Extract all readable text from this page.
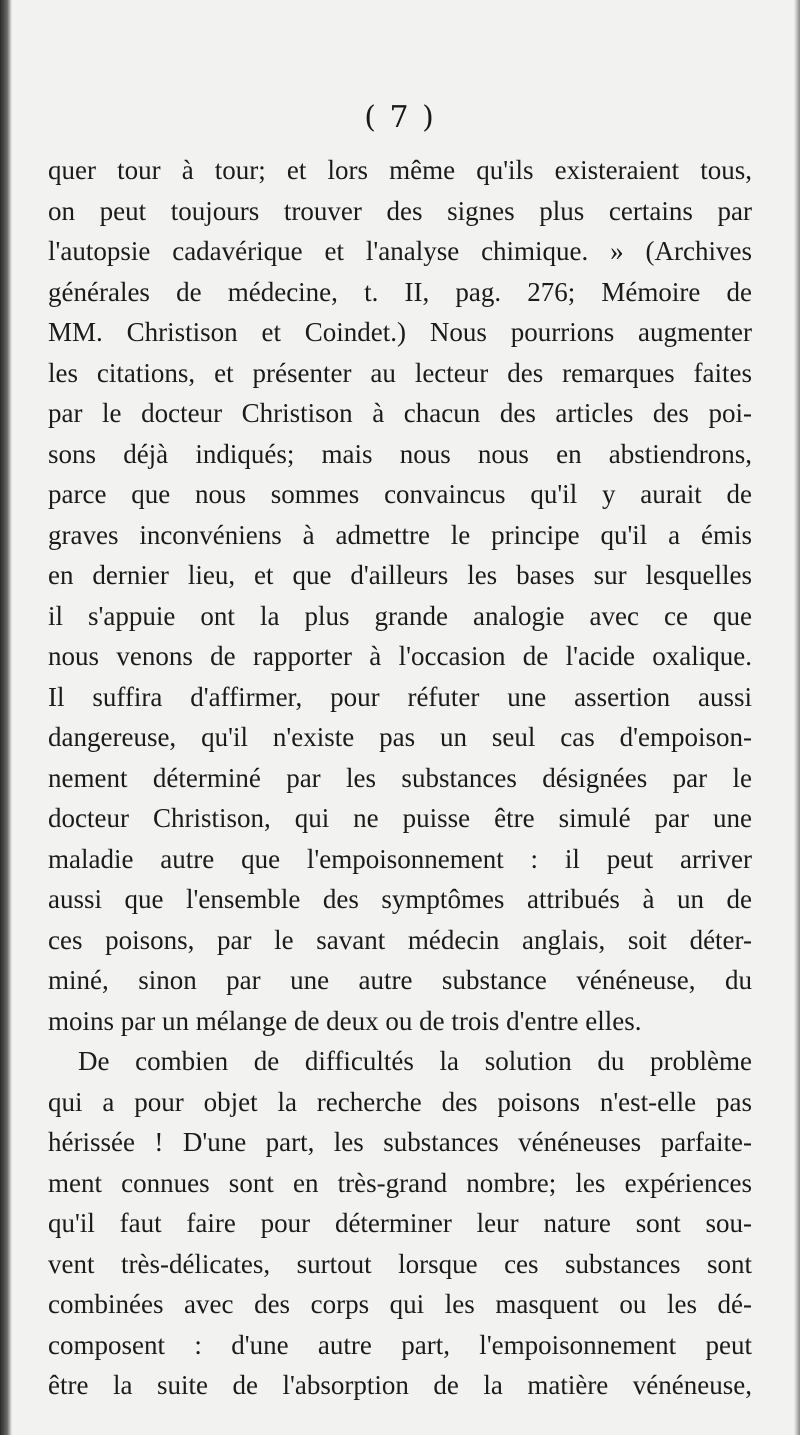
( 7 )
quer tour à tour; et lors même qu'ils existeraient tous,
on peut toujours trouver des signes plus certains par
l'autopsie cadavérique et l'analyse chimique. » (Archives
générales de médecine, t. II, pag. 276; Mémoire de
MM. Christison et Coindet.) Nous pourrions augmenter
les citations, et présenter au lecteur des remarques faites
par le docteur Christison à chacun des articles des poi-
sons déjà indiqués; mais nous nous en abstiendrons,
parce que nous sommes convaincus qu'il y aurait de
graves inconvéniens à admettre le principe qu'il a émis
en dernier lieu, et que d'ailleurs les bases sur lesquelles
il s'appuie ont la plus grande analogie avec ce que
nous venons de rapporter à l'occasion de l'acide oxalique.
Il suffira d'affirmer, pour réfuter une assertion aussi
dangereuse, qu'il n'existe pas un seul cas d'empoison-
nement déterminé par les substances désignées par le
docteur Christison, qui ne puisse être simulé par une
maladie autre que l'empoisonnement : il peut arriver
aussi que l'ensemble des symptômes attribués à un de
ces poisons, par le savant médecin anglais, soit déter-
miné, sinon par une autre substance vénéneuse, du
moins par un mélange de deux ou de trois d'entre elles.
De combien de difficultés la solution du problème
qui a pour objet la recherche des poisons n'est-elle pas
hérissée ! D'une part, les substances vénéneuses parfaite-
ment connues sont en très-grand nombre; les expériences
qu'il faut faire pour déterminer leur nature sont sou-
vent très-délicates, surtout lorsque ces substances sont
combinées avec des corps qui les masquent ou les dé-
composent : d'une autre part, l'empoisonnement peut
être la suite de l'absorption de la matière vénéneuse,
